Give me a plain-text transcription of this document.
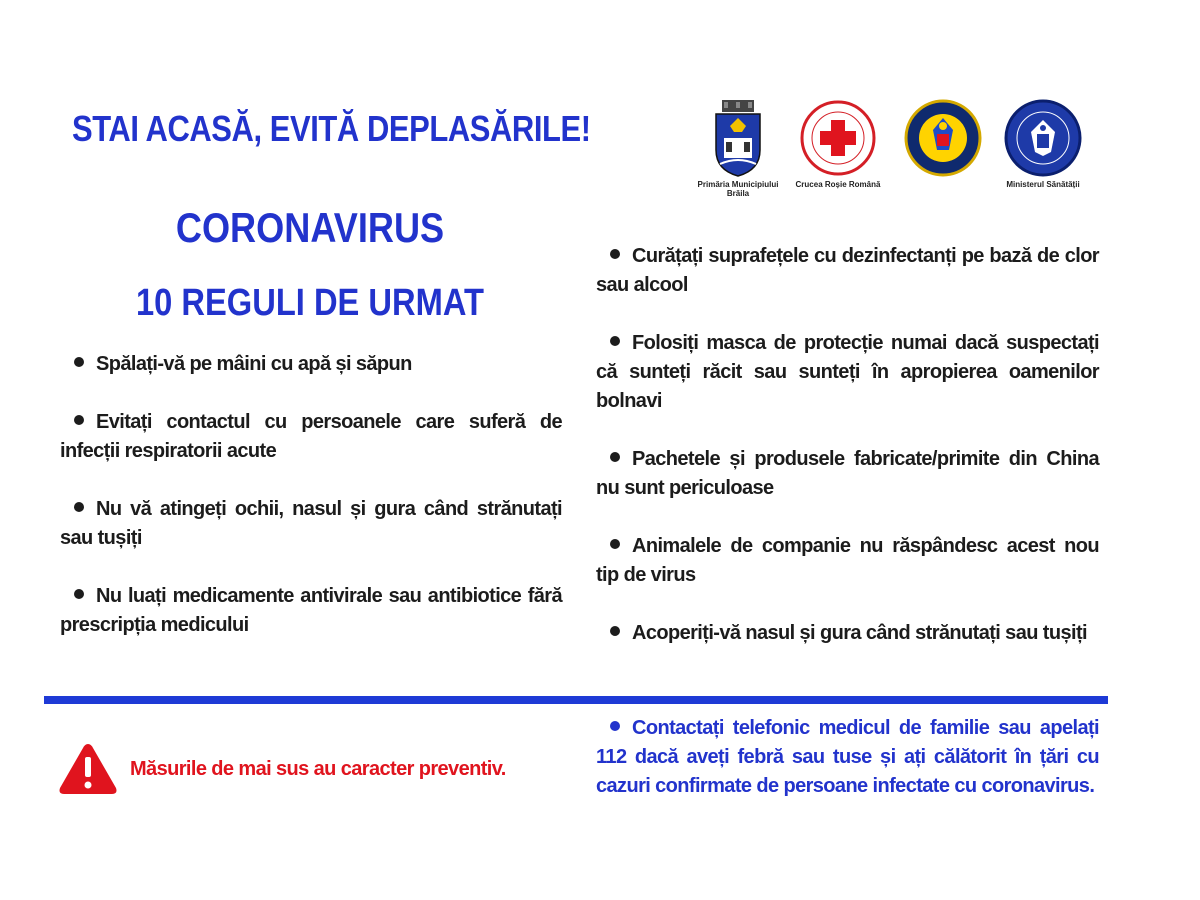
STAI ACASĂ, EVITĂ DEPLASĂRILE!
CORONAVIRUS
10 REGULI DE URMAT
Primăria Municipiului
Brăila
Crucea Roșie Română	Ministerul Sănătății
Spălați-vă pe mâini cu apă și săpun
Evitați contactul cu persoanele care suferă de infecții respiratorii acute
Nu vă atingeți ochii, nasul și gura când strănutați sau tușiți
Nu luați medicamente antivirale sau antibiotice fără prescripția medicului
Curățați suprafețele cu dezinfectanți pe bază de clor sau alcool
Folosiți masca de protecție numai dacă suspectați că sunteți răcit sau sunteți în apropierea oamenilor bolnavi
Pachetele și produsele fabricate/primite din China nu sunt periculoase
Animalele de companie nu răspândesc acest nou tip de virus
Acoperiți-vă nasul și gura când strănutați sau tușiți
Măsurile de mai sus au caracter preventiv.
Contactați telefonic medicul de familie sau apelați 112 dacă aveți febră sau tuse și ați călătorit în țări cu cazuri confirmate de persoane infectate cu coronavirus.
